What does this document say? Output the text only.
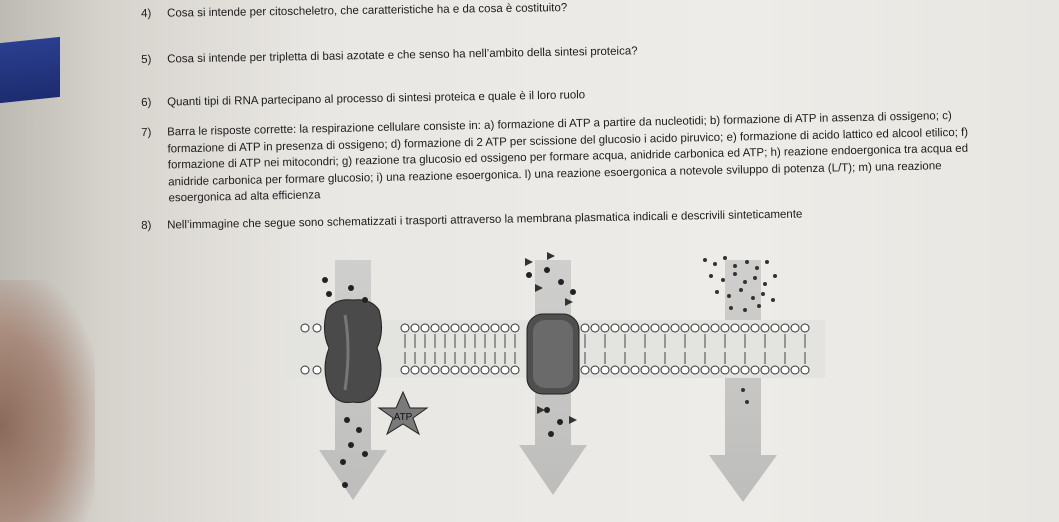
4)	Cosa si intende per citoscheletro, che caratteristiche ha e da cosa è costituito?
5)	Cosa si intende per tripletta di basi azotate e che senso ha nell’ambito della sintesi proteica?
6)	Quanti tipi di RNA partecipano al processo di sintesi proteica e quale è il loro ruolo
7)	Barra le risposte corrette: la respirazione cellulare consiste in: a) formazione di ATP a partire da nucleotidi; b) formazione di ATP in assenza di ossigeno; c) formazione di ATP in presenza di ossigeno; d) formazione di 2 ATP per scissione del glucosio i acido piruvico; e) formazione di acido lattico ed alcool etilico; f) formazione di ATP nei mitocondri; g) reazione tra glucosio ed ossigeno per formare acqua, anidride carbonica ed ATP; h) reazione endoergonica tra acqua ed anidride carbonica per formare glucosio; i) una reazione esoergonica. l) una reazione esoergonica a notevole sviluppo di potenza (L/T); m) una reazione esoergonica ad alta efficienza
8)	Nell’immagine che segue sono schematizzati i trasporti attraverso la membrana plasmatica indicali e descrivili sinteticamente
ATP
